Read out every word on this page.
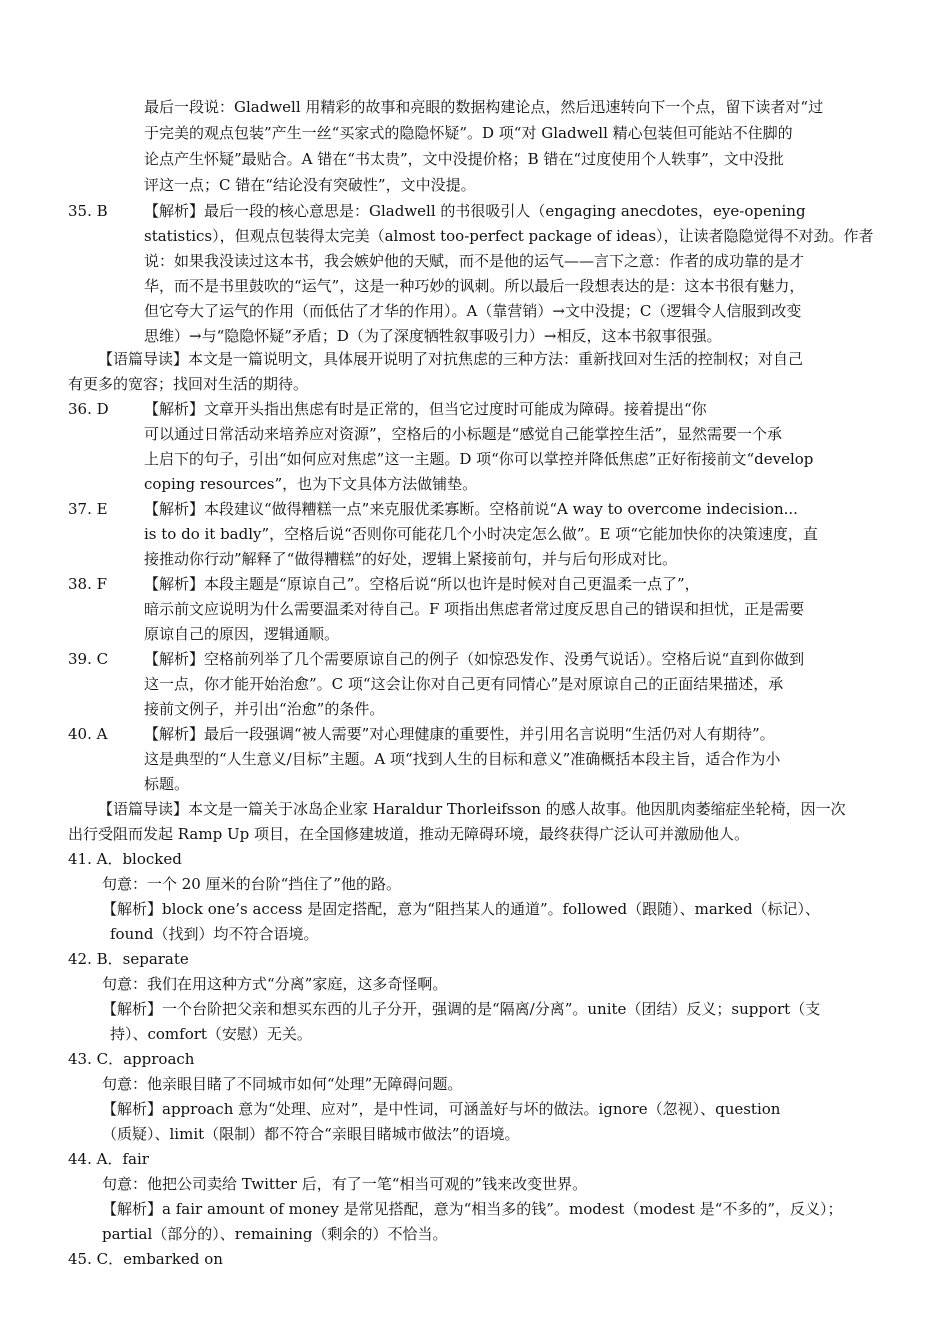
最后一段说：Gladwell 用精彩的故事和亮眼的数据构建论点，然后迅速转向下一个点，留下读者对“过
于完美的观点包装”产生一丝“买家式的隐隐怀疑”。D 项“对 Gladwell 精心包装但可能站不住脚的
论点产生怀疑”最贴合。A 错在“书太贵”，文中没提价格；B 错在“过度使用个人轶事”，文中没批
评这一点；C 错在“结论没有突破性”，文中没提。
35. B 【解析】最后一段的核心意思是：Gladwell 的书很吸引人（engaging anecdotes，eye-opening
statistics），但观点包装得太完美（almost too-perfect package of ideas），让读者隐隐觉得不对劲。作者
说：如果我没读过这本书，我会嫉妒他的天赋，而不是他的运气——言下之意：作者的成功靠的是才
华，而不是书里鼓吹的“运气”，这是一种巧妙的讽刺。所以最后一段想表达的是：这本书很有魅力，
但它夸大了运气的作用（而低估了才华的作用）。A（靠营销）→文中没提；C（逻辑令人信服到改变
思维）→与“隐隐怀疑”矛盾；D（为了深度牺牲叙事吸引力）→相反，这本书叙事很强。
【语篇导读】本文是一篇说明文，具体展开说明了对抗焦虑的三种方法：重新找回对生活的控制权；对自己
有更多的宽容；找回对生活的期待。
36. D 【解析】文章开头指出焦虑有时是正常的，但当它过度时可能成为障碍。接着提出“你
可以通过日常活动来培养应对资源”，空格后的小标题是“感觉自己能掌控生活”，显然需要一个承
上启下的句子，引出“如何应对焦虑”这一主题。D 项“你可以掌控并降低焦虑”正好衔接前文“develop
coping resources”，也为下文具体方法做铺垫。
37. E 【解析】本段建议“做得糟糕一点”来克服优柔寡断。空格前说“A way to overcome indecision...
is to do it badly”，空格后说“否则你可能花几个小时决定怎么做”。E 项“它能加快你的决策速度，直
接推动你行动”解释了“做得糟糕”的好处，逻辑上紧接前句，并与后句形成对比。
38. F 【解析】本段主题是“原谅自己”。空格后说“所以也许是时候对自己更温柔一点了”，
暗示前文应说明为什么需要温柔对待自己。F 项指出焦虑者常过度反思自己的错误和担忧，正是需要
原谅自己的原因，逻辑通顺。
39. C 【解析】空格前列举了几个需要原谅自己的例子（如惊恐发作、没勇气说话）。空格后说“直到你做到
这一点，你才能开始治愈”。C 项“这会让你对自己更有同情心”是对原谅自己的正面结果描述，承
接前文例子，并引出“治愈”的条件。
40. A 【解析】最后一段强调“被人需要”对心理健康的重要性，并引用名言说明“生活仍对人有期待”。
这是典型的“人生意义/目标”主题。A 项“找到人生的目标和意义”准确概括本段主旨，适合作为小
标题。
【语篇导读】本文是一篇关于冰岛企业家 Haraldur Thorleifsson 的感人故事。他因肌肉萎缩症坐轮椅，因一次
出行受阻而发起 Ramp Up 项目，在全国修建坡道，推动无障碍环境，最终获得广泛认可并激励他人。
41. A．blocked
句意：一个 20 厘米的台阶“挡住了”他的路。
【解析】block one’s access 是固定搭配，意为“阻挡某人的通道”。followed（跟随）、marked（标记）、
found（找到）均不符合语境。
42. B．separate
句意：我们在用这种方式“分离”家庭，这多奇怪啊。
【解析】一个台阶把父亲和想买东西的儿子分开，强调的是“隔离/分离”。unite（团结）反义；support（支
持）、comfort（安慰）无关。
43. C．approach
句意：他亲眼目睹了不同城市如何“处理”无障碍问题。
【解析】approach 意为“处理、应对”，是中性词，可涵盖好与坏的做法。ignore（忽视）、question
（质疑）、limit（限制）都不符合“亲眼目睹城市做法”的语境。
44. A．fair
句意：他把公司卖给 Twitter 后，有了一笔“相当可观的”钱来改变世界。
【解析】a fair amount of money 是常见搭配，意为“相当多的钱”。modest（modest 是“不多的”，反义）；
partial（部分的）、remaining（剩余的）不恰当。
45. C．embarked on
